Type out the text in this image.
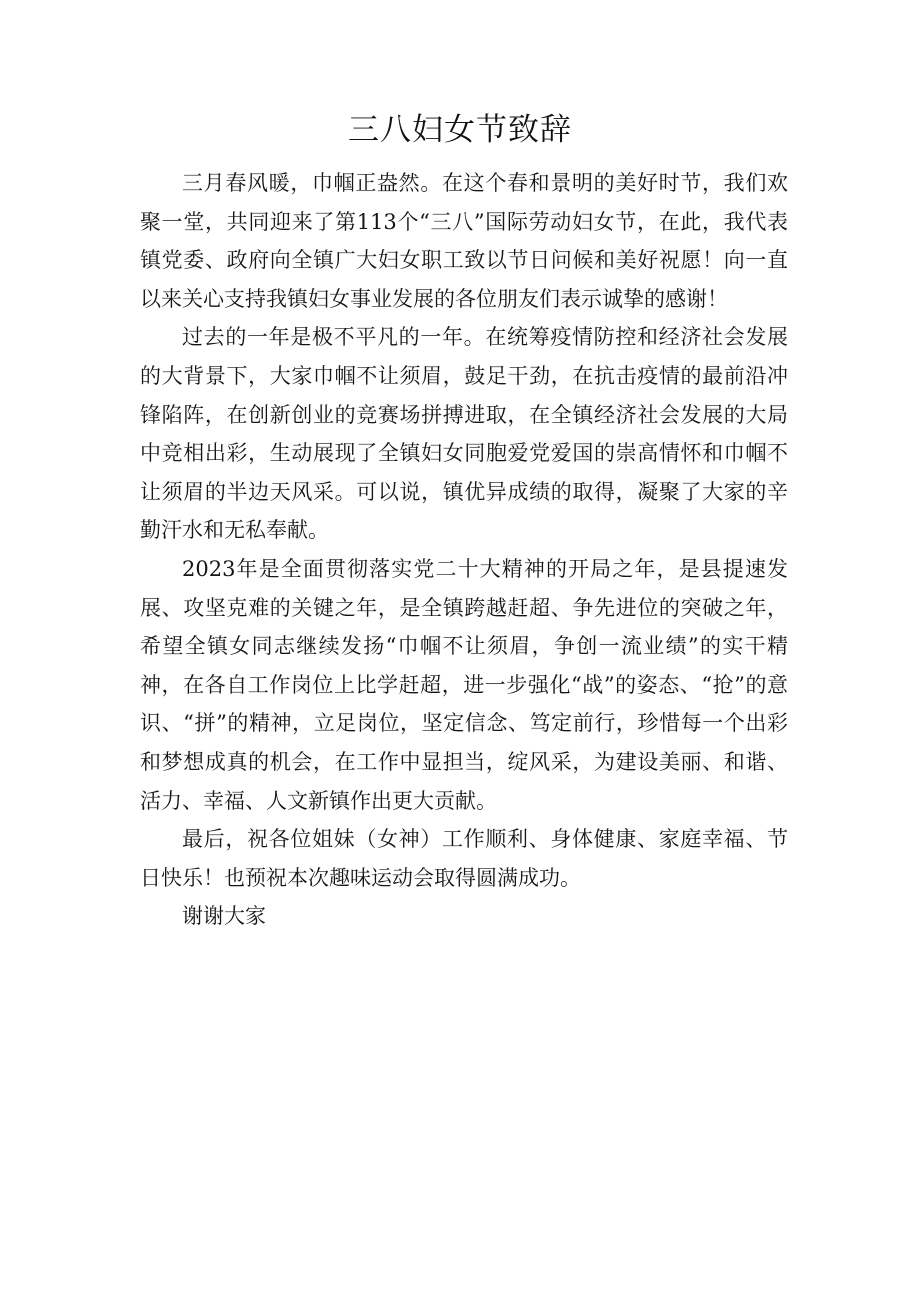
三八妇女节致辞

三月春风暖，巾帼正盎然。在这个春和景明的美好时节，我们欢聚一堂，共同迎来了第113个“三八”国际劳动妇女节，在此，我代表镇党委、政府向全镇广大妇女职工致以节日问候和美好祝愿！向一直以来关心支持我镇妇女事业发展的各位朋友们表示诚挚的感谢！

过去的一年是极不平凡的一年。在统筹疫情防控和经济社会发展的大背景下，大家巾帼不让须眉，鼓足干劲，在抗击疫情的最前沿冲锋陷阵，在创新创业的竞赛场拼搏进取，在全镇经济社会发展的大局中竞相出彩，生动展现了全镇妇女同胞爱党爱国的崇高情怀和巾帼不让须眉的半边天风采。可以说，镇优异成绩的取得，凝聚了大家的辛勤汗水和无私奉献。

2023年是全面贯彻落实党二十大精神的开局之年，是县提速发展、攻坚克难的关键之年，是全镇跨越赶超、争先进位的突破之年，希望全镇女同志继续发扬“巾帼不让须眉，争创一流业绩”的实干精神，在各自工作岗位上比学赶超，进一步强化“战”的姿态、“抢”的意识、“拼”的精神，立足岗位，坚定信念、笃定前行，珍惜每一个出彩和梦想成真的机会，在工作中显担当，绽风采，为建设美丽、和谐、活力、幸福、人文新镇作出更大贡献。

最后，祝各位姐妹（女神）工作顺利、身体健康、家庭幸福、节日快乐！也预祝本次趣味运动会取得圆满成功。

谢谢大家
